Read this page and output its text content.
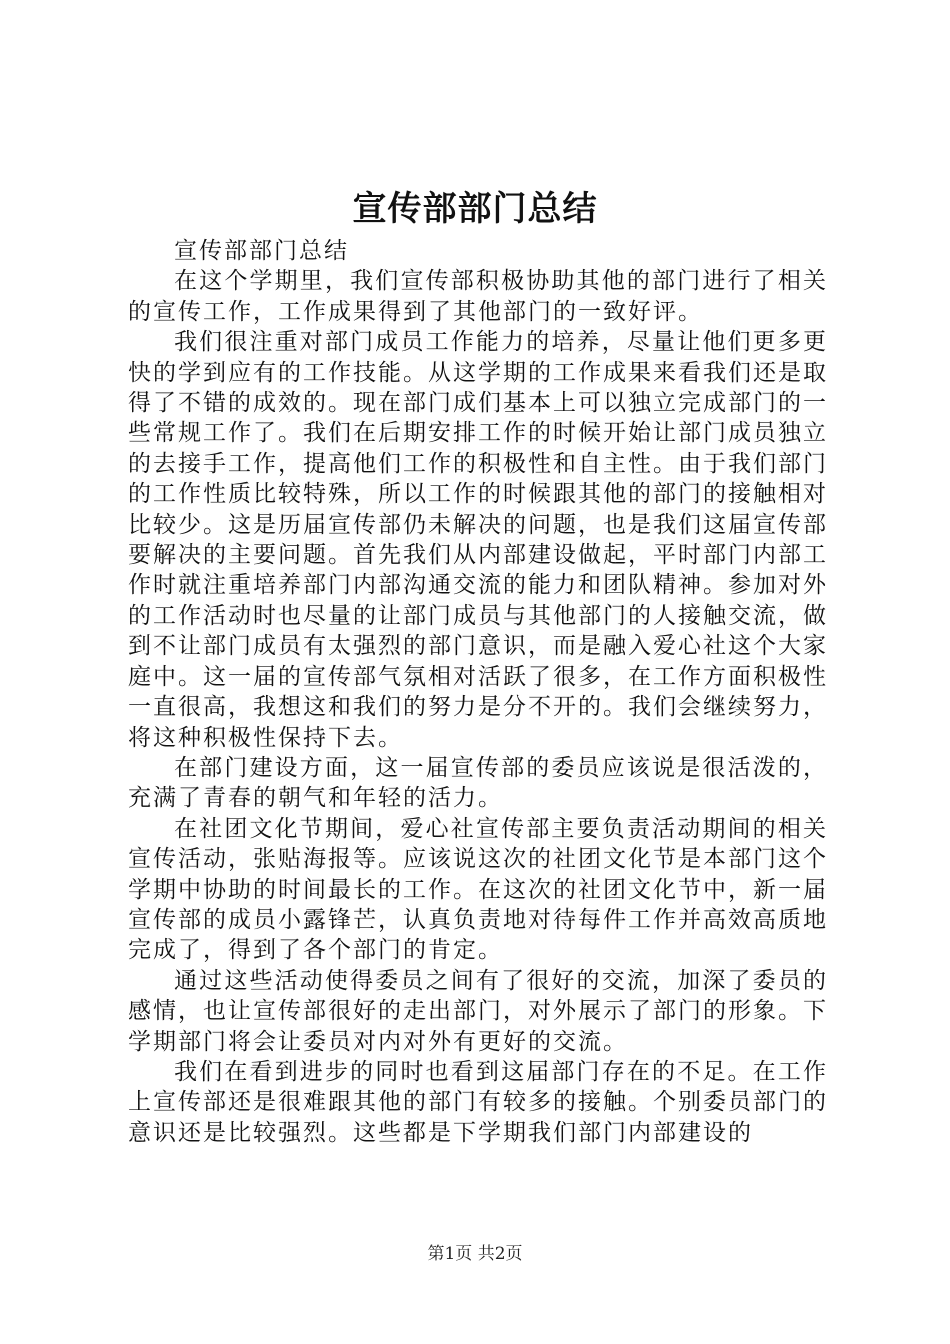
宣传部部门总结

宣传部部门总结

在这个学期里，我们宣传部积极协助其他的部门进行了相关的宣传工作，工作成果得到了其他部门的一致好评。

我们很注重对部门成员工作能力的培养，尽量让他们更多更快的学到应有的工作技能。从这学期的工作成果来看我们还是取得了不错的成效的。现在部门成们基本上可以独立完成部门的一些常规工作了。我们在后期安排工作的时候开始让部门成员独立的去接手工作，提高他们工作的积极性和自主性。由于我们部门的工作性质比较特殊，所以工作的时候跟其他的部门的接触相对比较少。这是历届宣传部仍未解决的问题，也是我们这届宣传部要解决的主要问题。首先我们从内部建设做起，平时部门内部工作时就注重培养部门内部沟通交流的能力和团队精神。参加对外的工作活动时也尽量的让部门成员与其他部门的人接触交流，做到不让部门成员有太强烈的部门意识，而是融入爱心社这个大家庭中。这一届的宣传部气氛相对活跃了很多，在工作方面积极性一直很高，我想这和我们的努力是分不开的。我们会继续努力，将这种积极性保持下去。

在部门建设方面，这一届宣传部的委员应该说是很活泼的，充满了青春的朝气和年轻的活力。

在社团文化节期间，爱心社宣传部主要负责活动期间的相关宣传活动，张贴海报等。应该说这次的社团文化节是本部门这个学期中协助的时间最长的工作。在这次的社团文化节中，新一届宣传部的成员小露锋芒，认真负责地对待每件工作并高效高质地完成了，得到了各个部门的肯定。

通过这些活动使得委员之间有了很好的交流，加深了委员的感情，也让宣传部很好的走出部门，对外展示了部门的形象。下学期部门将会让委员对内对外有更好的交流。

我们在看到进步的同时也看到这届部门存在的不足。在工作上宣传部还是很难跟其他的部门有较多的接触。个别委员部门的意识还是比较强烈。这些都是下学期我们部门内部建设的

第1页 共2页
